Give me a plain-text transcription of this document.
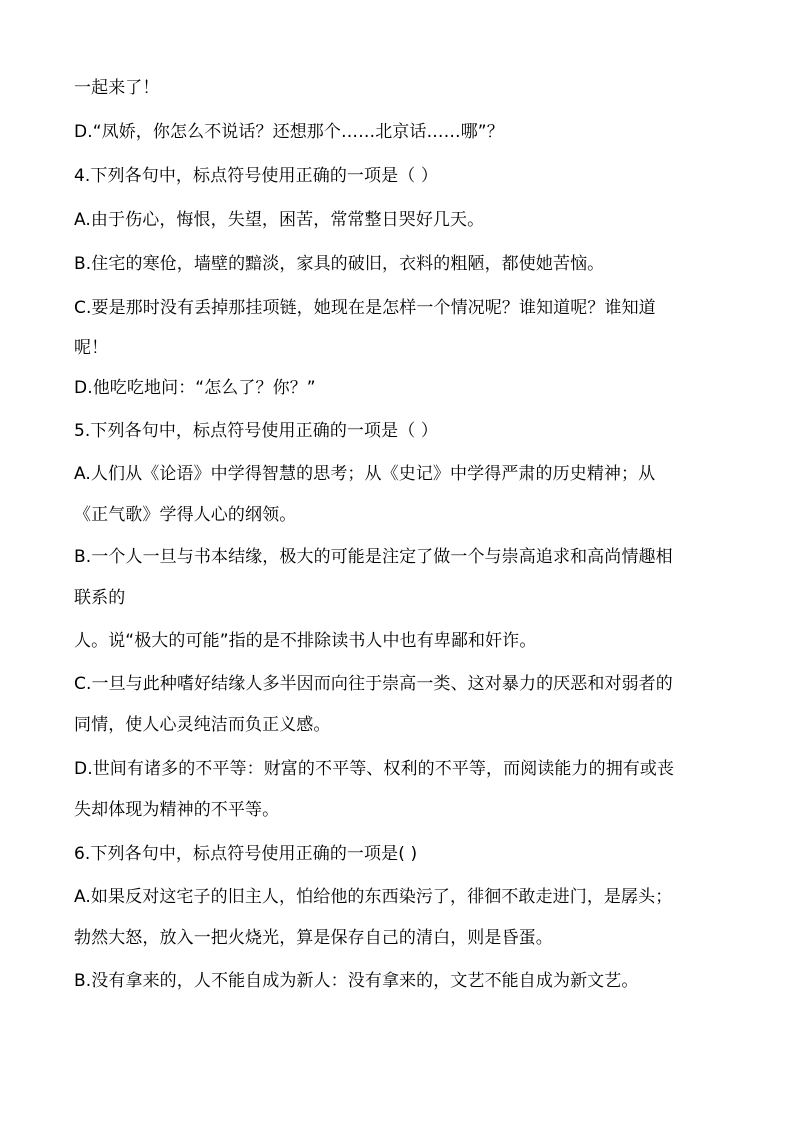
一起来了！
D.“凤娇，你怎么不说话？还想那个……北京话……哪”？
4.下列各句中，标点符号使用正确的一项是（ ）
A.由于伤心，悔恨，失望，困苦，常常整日哭好几天。
B.住宅的寒伧，墙壁的黯淡，家具的破旧，衣料的粗陋，都使她苦恼。
C.要是那时没有丢掉那挂项链，她现在是怎样一个情况呢？谁知道呢？谁知道
呢！
D.他吃吃地问：“怎么了？你？”
5.下列各句中，标点符号使用正确的一项是（ ）
A.人们从《论语》中学得智慧的思考；从《史记》中学得严肃的历史精神；从
《正气歌》学得人心的纲领。
B.一个人一旦与书本结缘，极大的可能是注定了做一个与崇高追求和高尚情趣相
联系的
人。说“极大的可能”指的是不排除读书人中也有卑鄙和奸诈。
C.一旦与此种嗜好结缘人多半因而向往于崇高一类、这对暴力的厌恶和对弱者的
同情，使人心灵纯洁而负正义感。
D.世间有诸多的不平等：财富的不平等、权利的不平等，而阅读能力的拥有或丧
失却体现为精神的不平等。
6.下列各句中，标点符号使用正确的一项是( )
A.如果反对这宅子的旧主人，怕给他的东西染污了，徘徊不敢走进门，是孱头；
勃然大怒，放入一把火烧光，算是保存自己的清白，则是昏蛋。
B.没有拿来的，人不能自成为新人：没有拿来的，文艺不能自成为新文艺。
